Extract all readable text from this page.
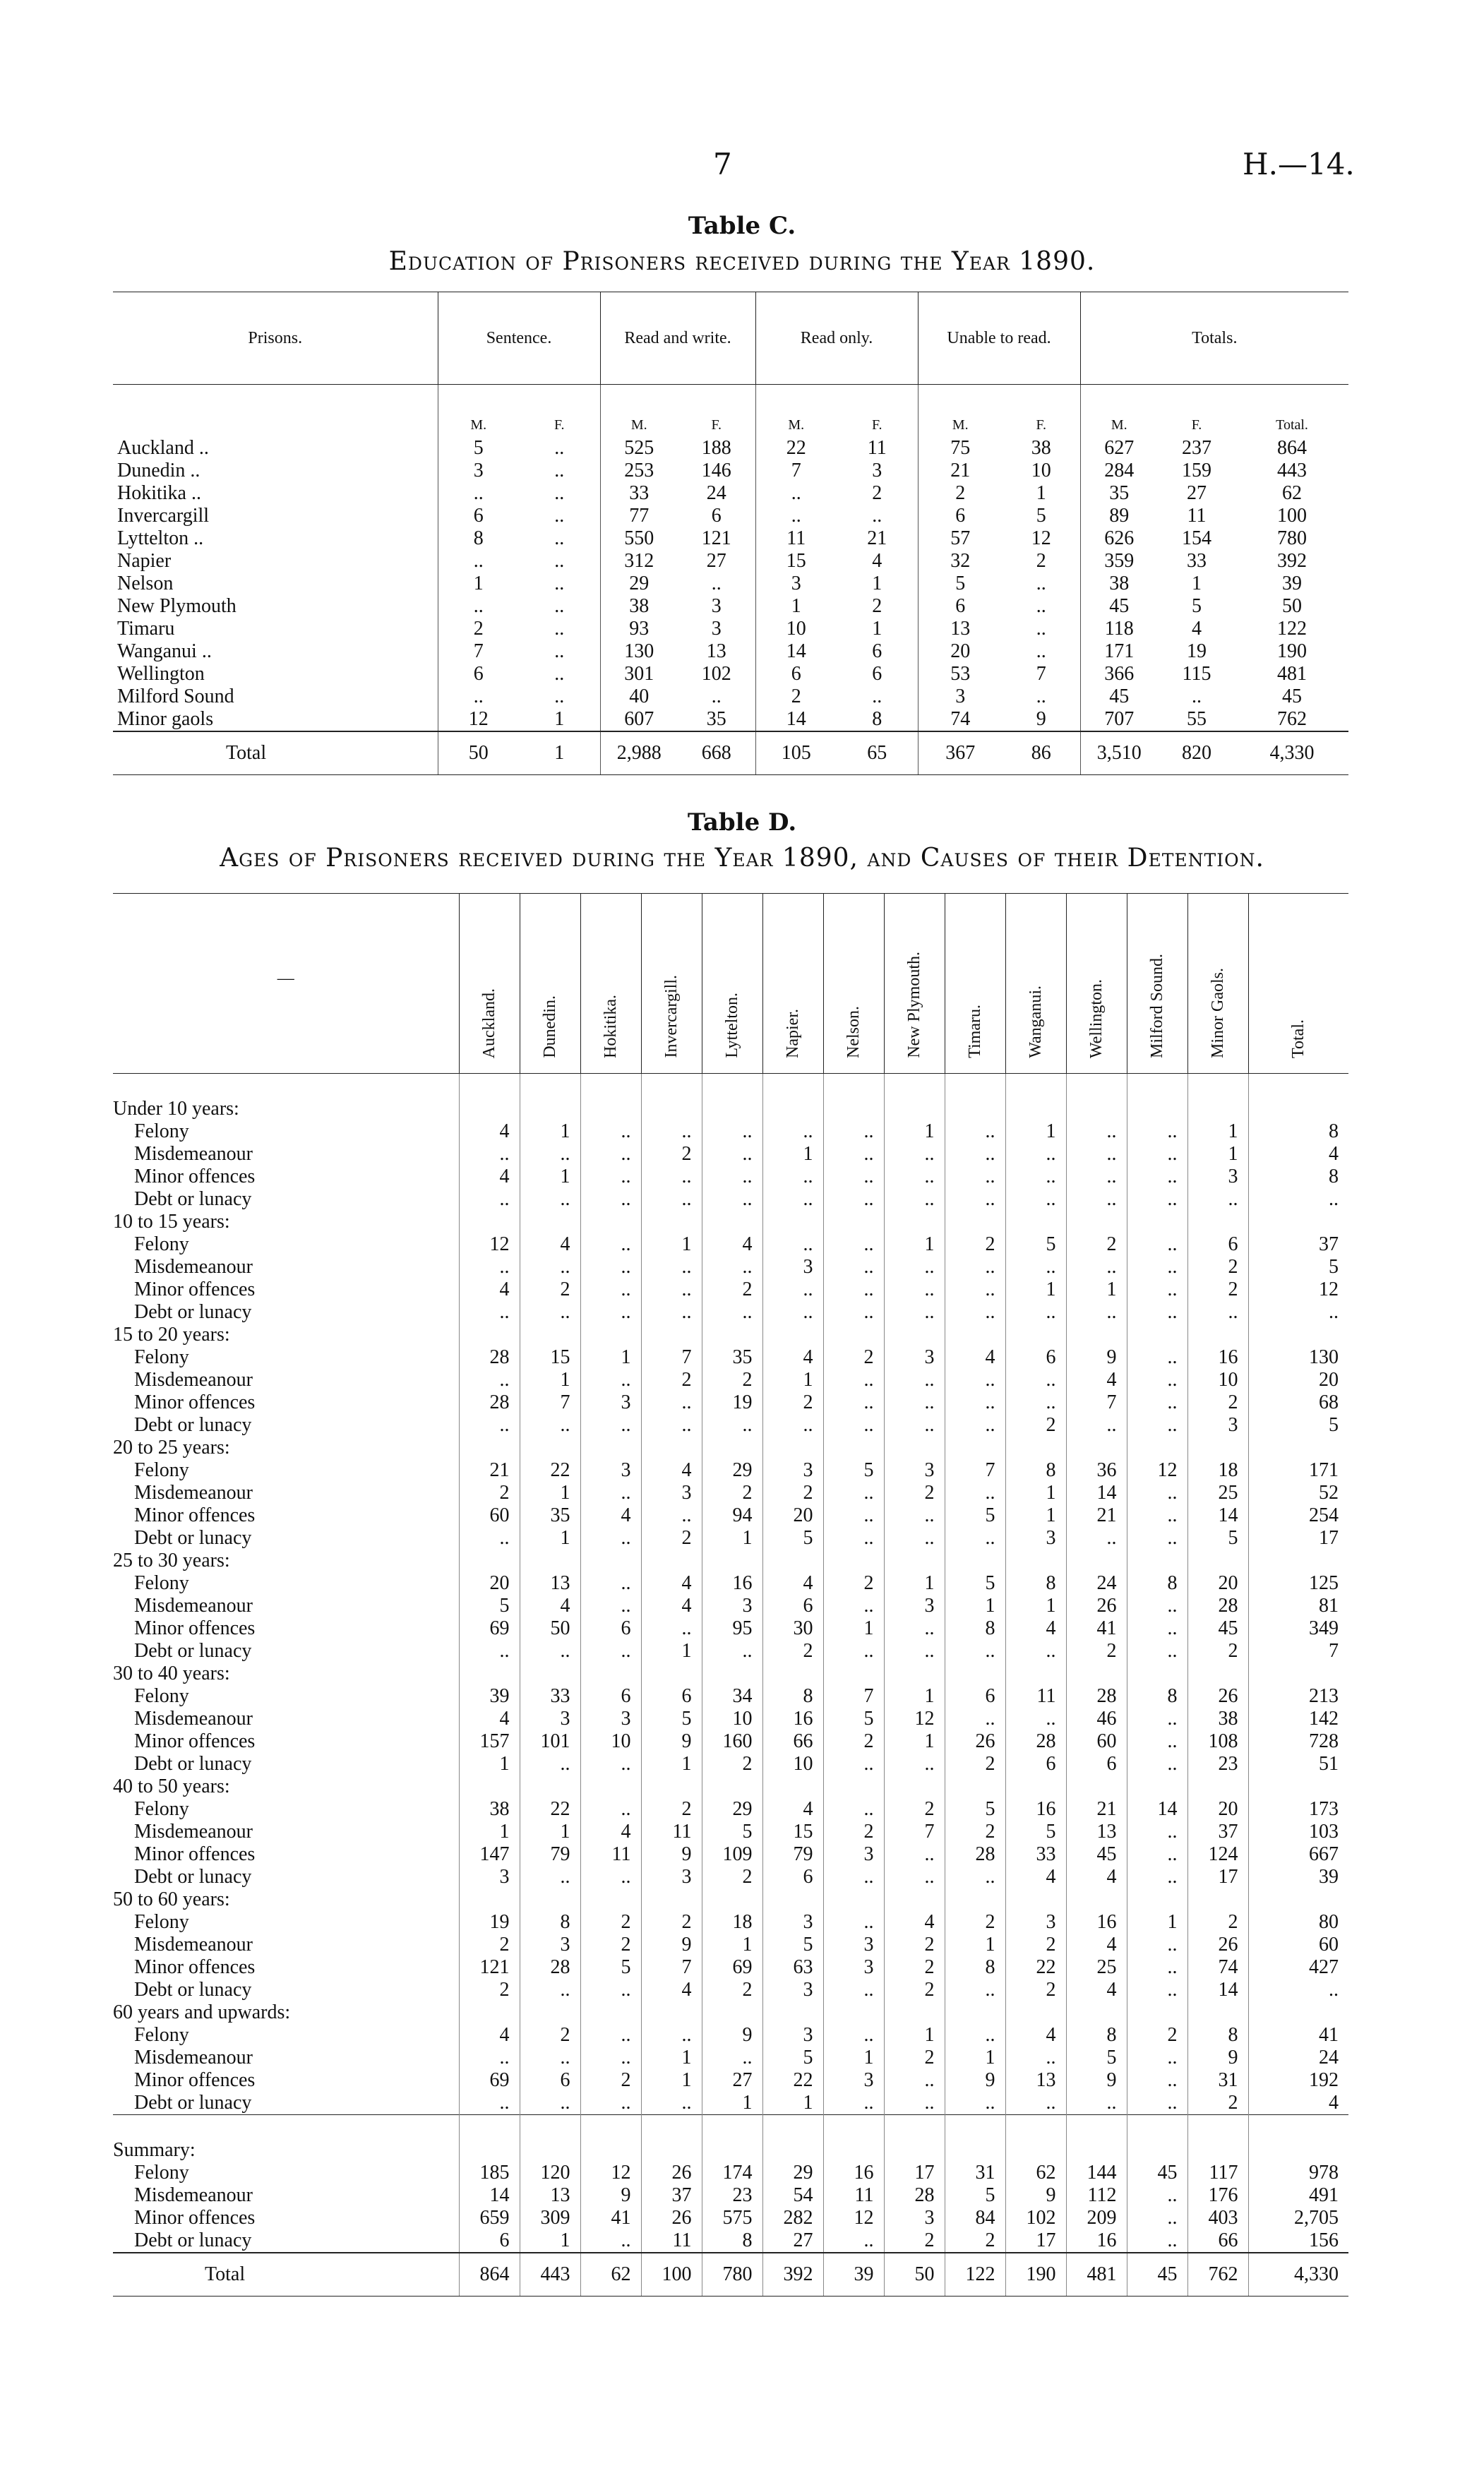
7	H.—14.
Table C.
Education of Prisoners received during the Year 1890.
Prisons.	Sentence.		Read and write.		Read only.		Unable to read.		Totals.		
	M.	F.	M.	F.	M.	F.	M.	F.	M.	F.	Total.
Auckland ..	5	..	525	188	22	11	75	38	627	237	864
Dunedin ..	3	..	253	146	7	3	21	10	284	159	443
Hokitika ..	..	..	33	24	..	2	2	1	35	27	62
Invercargill	6	..	77	6	..	..	6	5	89	11	100
Lyttelton ..	8	..	550	121	11	21	57	12	626	154	780
Napier	..	..	312	27	15	4	32	2	359	33	392
Nelson	1	..	29	..	3	1	5	..	38	1	39
New Plymouth	..	..	38	3	1	2	6	..	45	5	50
Timaru	2	..	93	3	10	1	13	..	118	4	122
Wanganui ..	7	..	130	13	14	6	20	..	171	19	190
Wellington	6	..	301	102	6	6	53	7	366	115	481
Milford Sound	..	..	40	..	2	..	3	..	45	..	45
Minor gaols	12	1	607	35	14	8	74	9	707	55	762
Total	50	1	2,988	668	105	65	367	86	3,510	820	4,330
Table D.
Ages of Prisoners received during the Year 1890, and Causes of their Detention.
—	Auckland.	Dunedin.	Hokitika.	Invercargill.	Lyttelton.	Napier.	Nelson.	New Plymouth.	Timaru.	Wanganui.	Wellington.	Milford Sound.	Minor Gaols.	Total.

Under 10 years:														
Felony	4	1	..	..	..	..	..	1	..	1	..	..	1	8
Misdemeanour	..	..	..	2	..	1	..	..	..	..	..	..	1	4
Minor offences	4	1	..	..	..	..	..	..	..	..	..	..	3	8
Debt or lunacy	..	..	..	..	..	..	..	..	..	..	..	..	..	..
10 to 15 years:														
Felony	12	4	..	1	4	..	..	1	2	5	2	..	6	37
Misdemeanour	..	..	..	..	..	3	..	..	..	..	..	..	2	5
Minor offences	4	2	..	..	2	..	..	..	..	1	1	..	2	12
Debt or lunacy	..	..	..	..	..	..	..	..	..	..	..	..	..	..
15 to 20 years:														
Felony	28	15	1	7	35	4	2	3	4	6	9	..	16	130
Misdemeanour	..	1	..	2	2	1	..	..	..	..	4	..	10	20
Minor offences	28	7	3	..	19	2	..	..	..	..	7	..	2	68
Debt or lunacy	..	..	..	..	..	..	..	..	..	2	..	..	3	5
20 to 25 years:														
Felony	21	22	3	4	29	3	5	3	7	8	36	12	18	171
Misdemeanour	2	1	..	3	2	2	..	2	..	1	14	..	25	52
Minor offences	60	35	4	..	94	20	..	..	5	1	21	..	14	254
Debt or lunacy	..	1	..	2	1	5	..	..	..	3	..	..	5	17
25 to 30 years:														
Felony	20	13	..	4	16	4	2	1	5	8	24	8	20	125
Misdemeanour	5	4	..	4	3	6	..	3	1	1	26	..	28	81
Minor offences	69	50	6	..	95	30	1	..	8	4	41	..	45	349
Debt or lunacy	..	..	..	1	..	2	..	..	..	..	2	..	2	7
30 to 40 years:														
Felony	39	33	6	6	34	8	7	1	6	11	28	8	26	213
Misdemeanour	4	3	3	5	10	16	5	12	..	..	46	..	38	142
Minor offences	157	101	10	9	160	66	2	1	26	28	60	..	108	728
Debt or lunacy	1	..	..	1	2	10	..	..	2	6	6	..	23	51
40 to 50 years:														
Felony	38	22	..	2	29	4	..	2	5	16	21	14	20	173
Misdemeanour	1	1	4	11	5	15	2	7	2	5	13	..	37	103
Minor offences	147	79	11	9	109	79	3	..	28	33	45	..	124	667
Debt or lunacy	3	..	..	3	2	6	..	..	..	4	4	..	17	39
50 to 60 years:														
Felony	19	8	2	2	18	3	..	4	2	3	16	1	2	80
Misdemeanour	2	3	2	9	1	5	3	2	1	2	4	..	26	60
Minor offences	121	28	5	7	69	63	3	2	8	22	25	..	74	427
Debt or lunacy	2	..	..	4	2	3	..	2	..	2	4	..	14	..
60 years and upwards:														
Felony	4	2	..	..	9	3	..	1	..	4	8	2	8	41
Misdemeanour	..	..	..	1	..	5	1	2	1	..	5	..	9	24
Minor offences	69	6	2	1	27	22	3	..	9	13	9	..	31	192
Debt or lunacy	..	..	..	..	1	1	..	..	..	..	..	..	2	4

Summary:														
Felony	185	120	12	26	174	29	16	17	31	62	144	45	117	978
Misdemeanour	14	13	9	37	23	54	11	28	5	9	112	..	176	491
Minor offences	659	309	41	26	575	282	12	3	84	102	209	..	403	2,705
Debt or lunacy	6	1	..	11	8	27	..	2	2	17	16	..	66	156
Total	864	443	62	100	780	392	39	50	122	190	481	45	762	4,330
